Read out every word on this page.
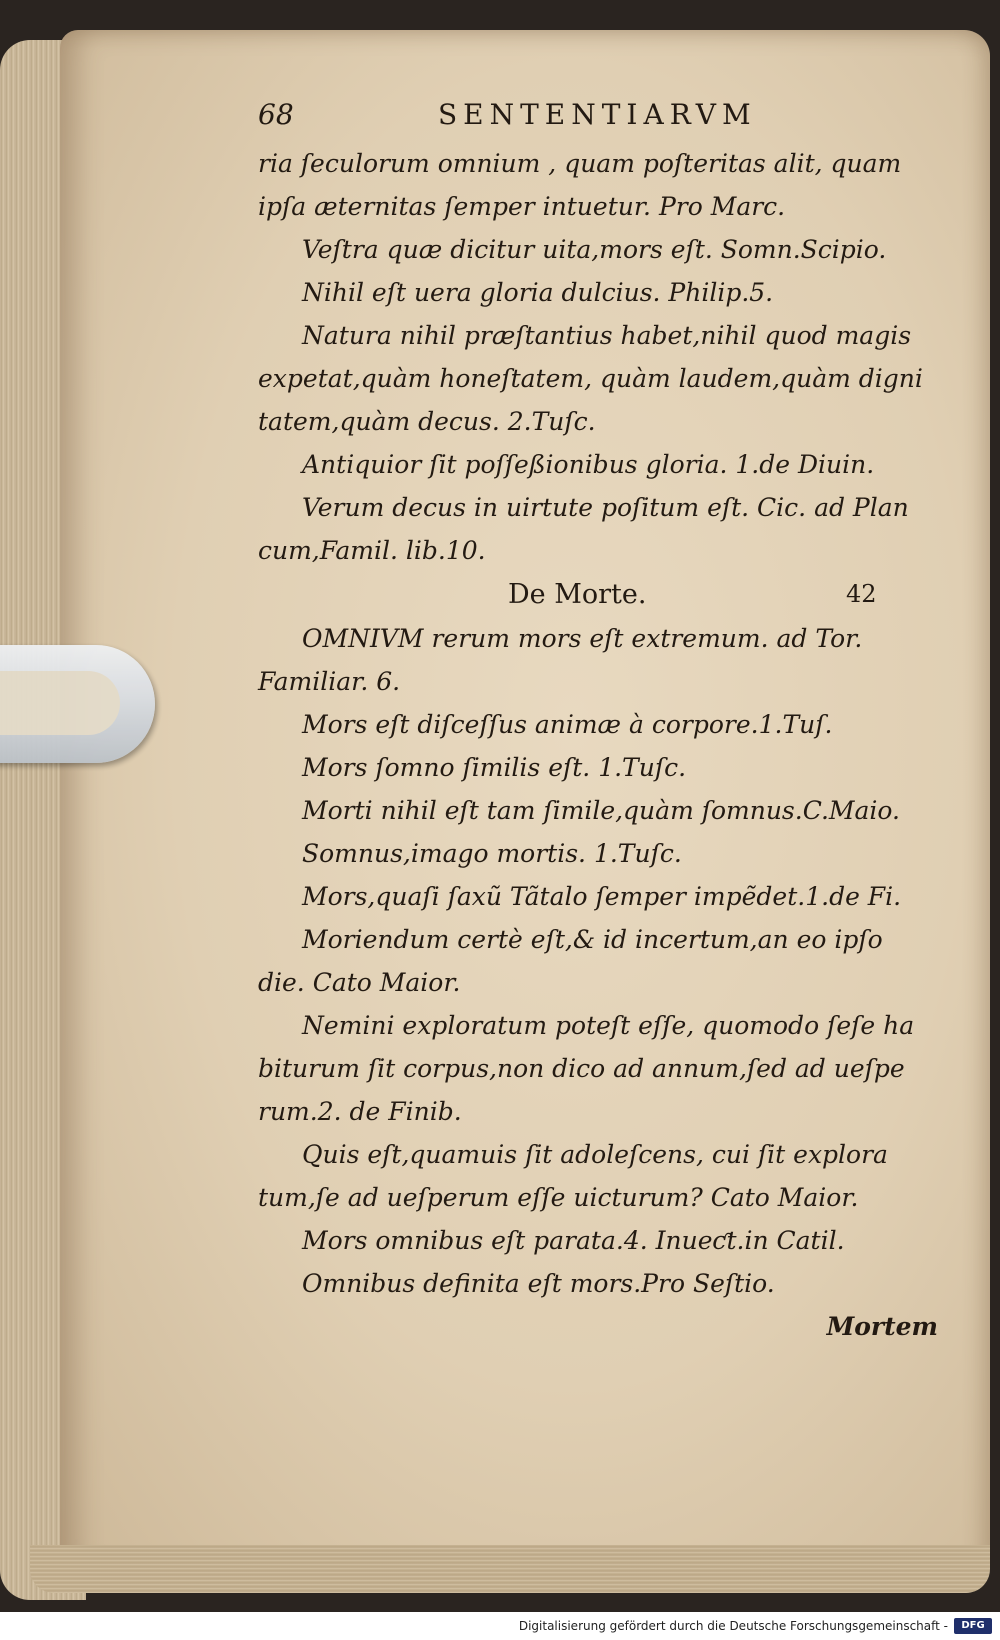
68	SENTENTIARVM
ria ſeculorum omnium , quam poſteritas alit, quam
ipſa æternitas ſemper intuetur. Pro Marc.
Veſtra quæ dicitur uita,mors eſt. Somn.Scipio.
Nihil eſt uera gloria dulcius. Philip.5.
Natura nihil præſtantius habet,nihil quod magis
expetat,quàm honeſtatem, quàm laudem,quàm digni
tatem,quàm decus. 2.Tuſc.
Antiquior ſit poſſeßionibus gloria. 1.de Diuin.
Verum decus in uirtute poſitum eſt. Cic. ad Plan
cum,Famil. lib.10.
De Morte.	42
OMNIVM rerum mors eſt extremum. ad Tor.
Familiar. 6.
Mors eſt diſceſſus animæ à corpore.1.Tuſ.
Mors ſomno ſimilis eſt. 1.Tuſc.
Morti nihil eſt tam ſimile,quàm ſomnus.C.Maio.
Somnus,imago mortis. 1.Tuſc.
Mors,quaſi ſaxũ Tãtalo ſemper impẽdet.1.de Fi.
Moriendum certè eſt,& id incertum,an eo ipſo
die. Cato Maior.
Nemini exploratum poteſt eſſe, quomodo ſeſe ha
biturum ſit corpus,non dico ad annum,ſed ad ueſpe
rum.2. de Finib.
Quis eſt,quamuis ſit adoleſcens, cui ſit explora
tum,ſe ad ueſperum eſſe uicturum? Cato Maior.
Mors omnibus eſt parata.4. Inueƈt.in Catil.
Omnibus definita eſt mors.Pro Seſtio.
Mortem
Digitalisierung gefördert durch die Deutsche Forschungsgemeinschaft -	DFG
